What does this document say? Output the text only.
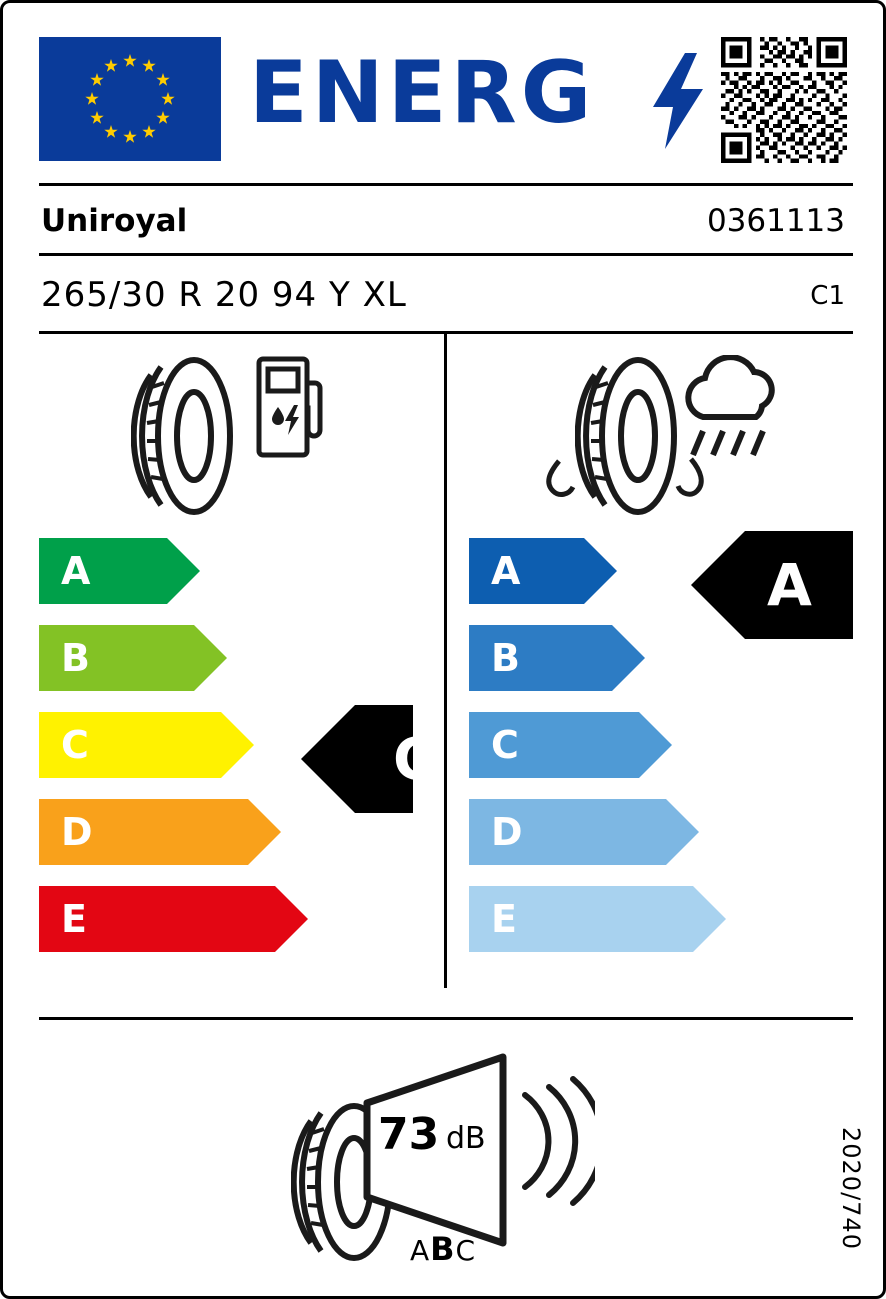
ENERG
Uniroyal	0361113
265/30 R 20 94 Y XL	C1
A
B
C
D
E
C
A
B
C
D
E
A
73 dB
ABC
2020/740
